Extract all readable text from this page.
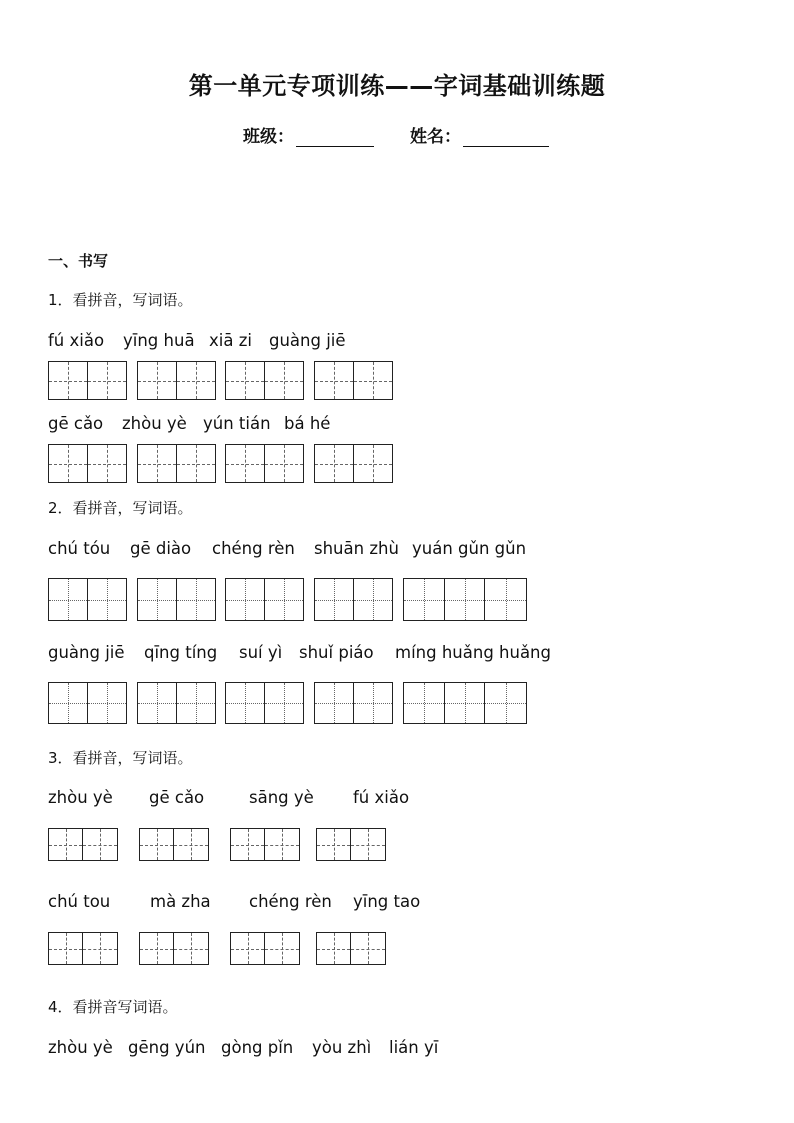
第一单元专项训练——字词基础训练题
班级：	姓名：
一、书写
1．看拼音，写词语。
fú xiǎo yīng huā xiā zi guàng jiē
gē cǎo zhòu yè yún tián bá hé
2．看拼音，写词语。
chú tóu gē diào chéng rèn shuān zhù yuán gǔn gǔn
guàng jiē qīng tíng suí yì shuǐ piáo míng huǎng huǎng
3．看拼音，写词语。
zhòu yè gē cǎo	sāng yè fú xiǎo
chú tou mà zha chéng rèn yīng tao
4．看拼音写词语。
zhòu yè gēng yún gòng pǐn yòu zhì lián yī
